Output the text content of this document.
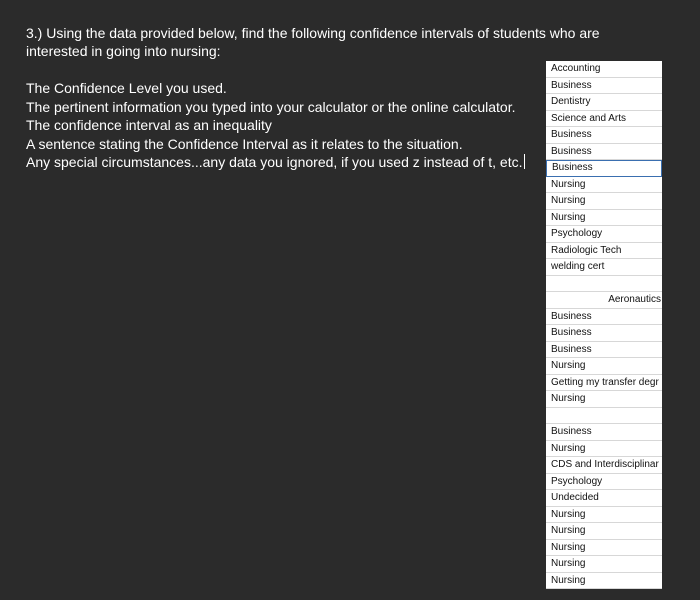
3.) Using the data provided below, find the following confidence intervals of students who are interested in going into nursing:
The Confidence Level you used.
The pertinent information you typed into your calculator or the online calculator.
The confidence interval as an inequality
A sentence stating the Confidence Interval as it relates to the situation.
Any special circumstances...any data you ignored, if you used z instead of t, etc.
Accounting
Business
Dentistry
Science and Arts
Business
Business
Business
Nursing
Nursing
Nursing
Psychology
Radiologic Tech
welding cert
Aeronautics
Business
Business
Business
Nursing
Getting my transfer degr
Nursing
Business
Nursing
CDS and Interdisciplinar
Psychology
Undecided
Nursing
Nursing
Nursing
Nursing
Nursing
